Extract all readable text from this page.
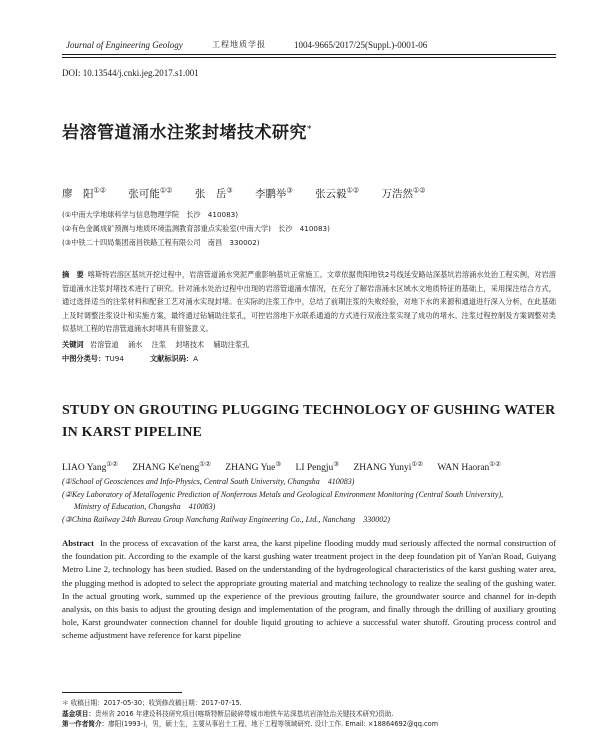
Journal of Engineering Geology	工程地质学报	1004-9665/2017/25(Suppl.)-0001-06
DOI: 10.13544/j.cnki.jeg.2017.s1.001
岩溶管道涌水注浆封堵技术研究*
廖　阳①② 张可能①② 张　岳③ 李鹏举③ 张云毅①② 万浩然①②
(①中南大学地球科学与信息物理学院　长沙　410083)
(②有色金属成矿预测与地质环境监测教育部重点实验室(中南大学)　长沙　410083)
(③中铁二十四局集团南昌铁路工程有限公司　南昌　330002)
摘　要 喀斯特岩溶区基坑开挖过程中，岩溶管道涌水突泥严重影响基坑正常施工。文章依据贵阳地铁2号线延安路站深基坑岩溶涌水处治工程实例，对岩溶管道涌水注浆封堵技术进行了研究。针对涌水处治过程中出现的岩溶管道涌水情况，在充分了解岩溶涌水区域水文地质特征的基础上，采用探注结合方式，通过选择适当的注浆材料和配套工艺对涌水实现封堵。在实际的注浆工作中，总结了前期注浆的失败经验，对地下水的来源和通道进行深入分析，在此基础上及时调整注浆设计和实施方案，最终通过钻辅助注浆孔，可控岩溶地下水联系通道的方式进行双液注浆实现了成功的堵水。注浆过程控制及方案调整对类似基坑工程的岩溶管道涌水封堵具有借鉴意义。
关键词 岩溶管道 涌水 注浆 封堵技术 辅助注浆孔
中图分类号：TU94	文献标识码：A
STUDY ON GROUTING PLUGGING TECHNOLOGY OF GUSHING WATER IN KARST PIPELINE
LIAO Yang①② ZHANG Ke'neng①② ZHANG Yue③ LI Pengju③ ZHANG Yunyi①② WAN Haoran①②
(①School of Geosciences and Info-Physics, Central South University, Changsha　410083)
(②Key Laboratory of Metallogenic Prediction of Nonferrous Metals and Geological Environment Monitoring (Central South University),
Ministry of Education, Changsha　410083)
(③China Railway 24th Bureau Group Nanchang Railway Engineering Co., Ltd., Nanchang　330002)
Abstract In the process of excavation of the karst area, the karst pipeline flooding muddy mud seriously affected the normal construction of the foundation pit. According to the example of the karst gushing water treatment project in the deep foundation pit of Yan'an Road, Guiyang Metro Line 2, technology has been studied. Based on the understanding of the hydrogeological characteristics of the karst gushing water area, the plugging method is adopted to select the appropriate grouting material and matching technology to realize the sealing of the gushing water. In the actual grouting work, summed up the experience of the previous grouting failure, the groundwater source and channel for in-depth analysis, on this basis to adjust the grouting design and implementation of the program, and finally through the drilling of auxiliary grouting hole, Karst groundwater connection channel for double liquid grouting to achieve a successful water shutoff. Grouting process control and scheme adjustment have reference for karst pipeline
＊ 收稿日期：2017-05-30；收到修改稿日期：2017-07-15.
基金项目：贵州省 2016 年建设科技研究项目(喀斯特断层破碎带城市地铁车站深基坑岩溶处治关键技术研究)资助.
第一作者简介：廖阳(1993-)，男，硕士生，主要从事岩土工程、地下工程等领域研究. 设计工作. Email: ×18864692@qq.com
